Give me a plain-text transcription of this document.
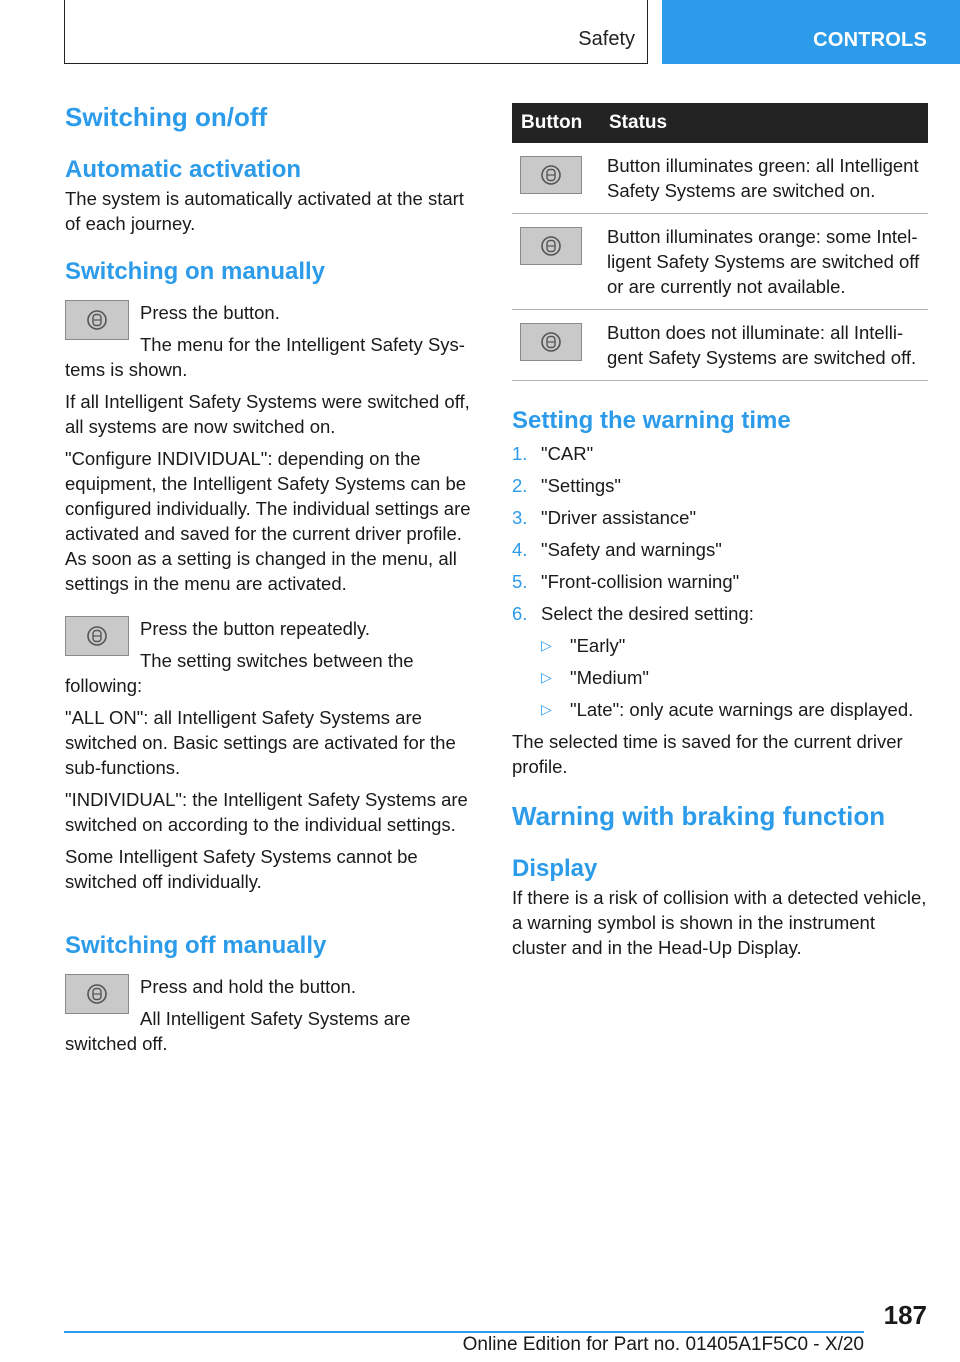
Safety	CONTROLS
Switching on/off
Automatic activation

The system is automatically activated at the start of each journey.

Switching on manually

Press the button.

The menu for the Intelligent Safety Systems is shown.

If all Intelligent Safety Systems were switched off, all systems are now switched on.

"Configure INDIVIDUAL": depending on the equipment, the Intelligent Safety Systems can be configured individually. The individual settings are activated and saved for the current driver profile. As soon as a setting is changed in the menu, all settings in the menu are activated.

Press the button repeatedly.

The setting switches between the following:

"ALL ON": all Intelligent Safety Systems are switched on. Basic settings are activated for the sub-functions.

"INDIVIDUAL": the Intelligent Safety Systems are switched on according to the individual settings.

Some Intelligent Safety Systems cannot be switched off individually.

Switching off manually

Press and hold the button.

All Intelligent Safety Systems are switched off.

Button	Status

	Button illuminates green: all Intelligent Safety Systems are switched on.

	Button illuminates orange: some Intelligent Safety Systems are switched off or are currently not available.

	Button does not illuminate: all Intelligent Safety Systems are switched off.
Setting the warning time
1. "CAR"
2. "Settings"
3. "Driver assistance"
4. "Safety and warnings"
5. "Front-collision warning"
6. Select the desired setting:
▷ "Early"
▷ "Medium"
▷ "Late": only acute warnings are displayed.

The selected time is saved for the current driver profile.

Warning with braking function
Display

If there is a risk of collision with a detected vehicle, a warning symbol is shown in the instrument cluster and in the Head-Up Display.

187
Online Edition for Part no. 01405A1F5C0 - X/20
